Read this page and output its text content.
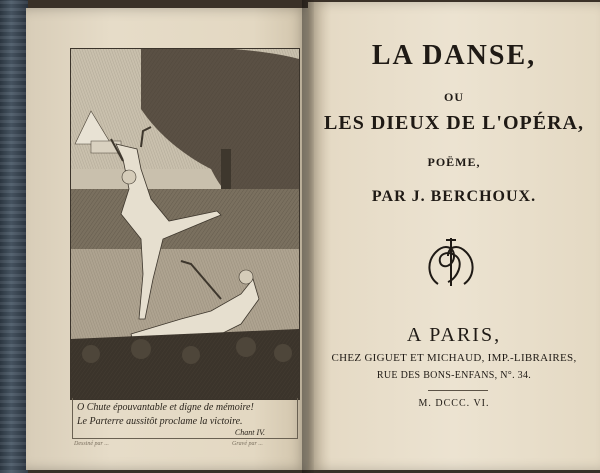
O Chute épouvantable et digne de mémoire!
Le Parterre aussitôt proclame la victoire.
Chant IV.
Dessiné par ...	Gravé par ...
LA DANSE,
OU
LES DIEUX DE L'OPÉRA,
POËME,
PAR J. BERCHOUX.
A PARIS,
CHEZ GIGUET ET MICHAUD, IMP.-LIBRAIRES,
RUE DES BONS-ENFANS, N°. 34.
M. DCCC. VI.
